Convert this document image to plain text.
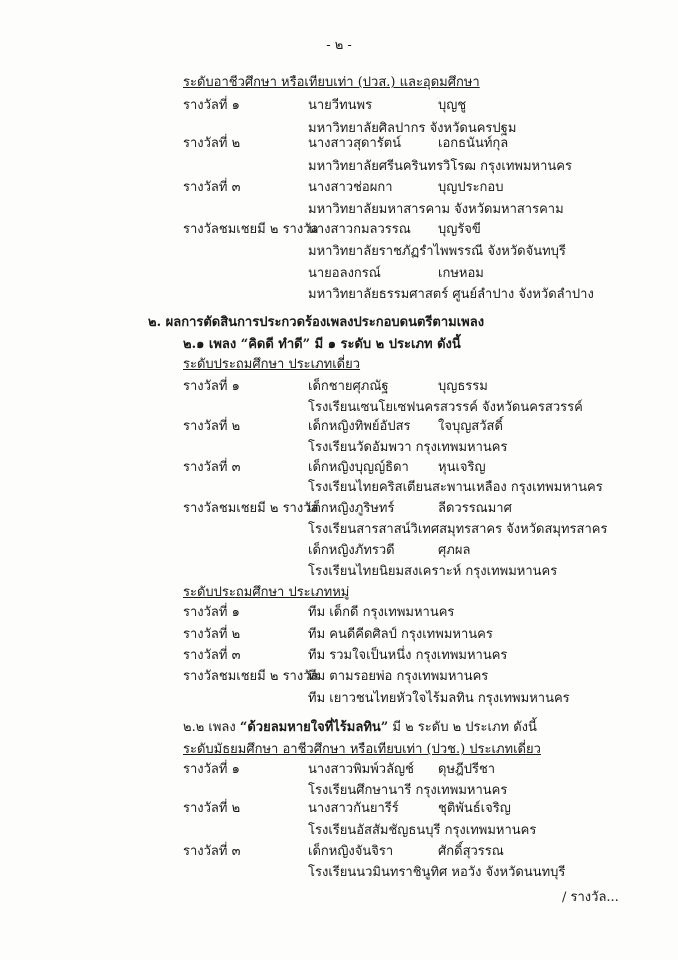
- ๒ -
ระดับอาชีวศึกษา หรือเทียบเท่า (ปวส.) และอุดมศึกษา
รางวัลที่ ๑	นายวีทนพร	บุญชู
มหาวิทยาลัยศิลปากร จังหวัดนครปฐม
รางวัลที่ ๒	นางสาวสุดารัตน์	เอกธนันท์กุล
มหาวิทยาลัยศรีนครินทรวิโรฒ กรุงเทพมหานคร
รางวัลที่ ๓	นางสาวช่อผกา	บุญประกอบ
มหาวิทยาลัยมหาสารคาม จังหวัดมหาสารคาม
รางวัลชมเชยมี ๒ รางวัล
นางสาวกมลวรรณ บุญรัจขี
มหาวิทยาลัยราชภัฏรำไพพรรณี จังหวัดจันทบุรี
นายอลงกรณ์	เกษหอม
มหาวิทยาลัยธรรมศาสตร์ ศูนย์ลำปาง จังหวัดลำปาง
๒. ผลการตัดสินการประกวดร้องเพลงประกอบดนตรีตามเพลง
๒.๑ เพลง “คิดดี ทำดี” มี ๑ ระดับ ๒ ประเภท ดังนี้
ระดับประถมศึกษา ประเภทเดี่ยว
รางวัลที่ ๑	เด็กชายศุภณัฐ	บุญธรรม
โรงเรียนเซนโยเซฟนครสวรรค์ จังหวัดนครสวรรค์
รางวัลที่ ๒	เด็กหญิงทิพย์อัปสร ใจบุญสวัสดิ์
โรงเรียนวัดอัมพวา กรุงเทพมหานคร
รางวัลที่ ๓	เด็กหญิงบุญญ์ธิดา หุนเจริญ
โรงเรียนไทยคริสเตียนสะพานเหลือง กรุงเทพมหานคร
รางวัลชมเชยมี ๒ รางวัล
เด็กหญิงภูริษทร์	ลีดวรรณมาศ
โรงเรียนสารสาสน์วิเทศสมุทรสาคร จังหวัดสมุทรสาคร
เด็กหญิงภัทรวดี	ศุภผล
โรงเรียนไทยนิยมสงเคราะห์ กรุงเทพมหานคร
ระดับประถมศึกษา ประเภทหมู่
รางวัลที่ ๑	ทีม เด็กดี กรุงเทพมหานคร
รางวัลที่ ๒	ทีม คนดีคีดศิลป์ กรุงเทพมหานคร
รางวัลที่ ๓	ทีม รวมใจเป็นหนึ่ง กรุงเทพมหานคร
รางวัลชมเชยมี ๒ รางวัล
ทีม ตามรอยพ่อ กรุงเทพมหานคร
ทีม เยาวชนไทยหัวใจไร้มลทิน กรุงเทพมหานคร
๒.๒ เพลง “ด้วยลมหายใจที่ไร้มลทิน” มี ๒ ระดับ ๒ ประเภท ดังนี้
ระดับมัธยมศึกษา อาชีวศึกษา หรือเทียบเท่า (ปวช.) ประเภทเดี่ยว
รางวัลที่ ๑	นางสาวพิมพ์วลัญช์ ดุษฎีปรีชา
โรงเรียนศึกษานารี กรุงเทพมหานคร
รางวัลที่ ๒	นางสาวกันยารีร์	ชุติพันธ์เจริญ
โรงเรียนอัสสัมชัญธนบุรี กรุงเทพมหานคร
รางวัลที่ ๓	เด็กหญิงจันจิรา	ศักดิ์สุวรรณ
โรงเรียนนวมินทราชินูทิศ หอวัง จังหวัดนนทบุรี
/ รางวัล...
